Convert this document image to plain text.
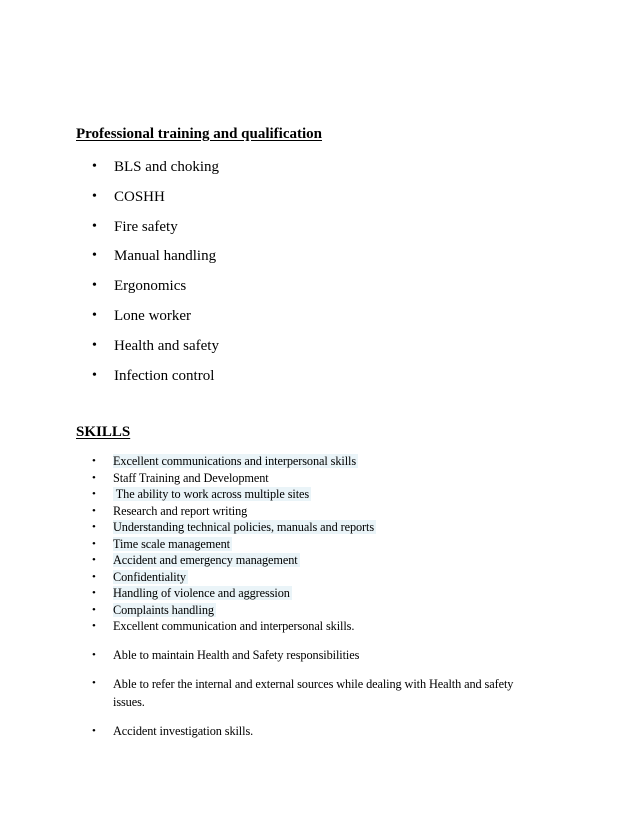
Professional training and qualification
•	BLS and choking
•	COSHH
•	Fire safety
•	Manual handling
•	Ergonomics
•	Lone worker
•	Health and safety
•	Infection control
SKILLS
•	Excellent communications and interpersonal skills
•	Staff Training and Development
•	The ability to work across multiple sites
•	Research and report writing
•	Understanding technical policies, manuals and reports
•	Time scale management
•	Accident and emergency management
•	Confidentiality
•	Handling of violence and aggression
•	Complaints handling
•	Excellent communication and interpersonal skills.
•	Able to maintain Health and Safety responsibilities
•	Able to refer the internal and external sources while dealing with Health and safety issues.
•	Accident investigation skills.
